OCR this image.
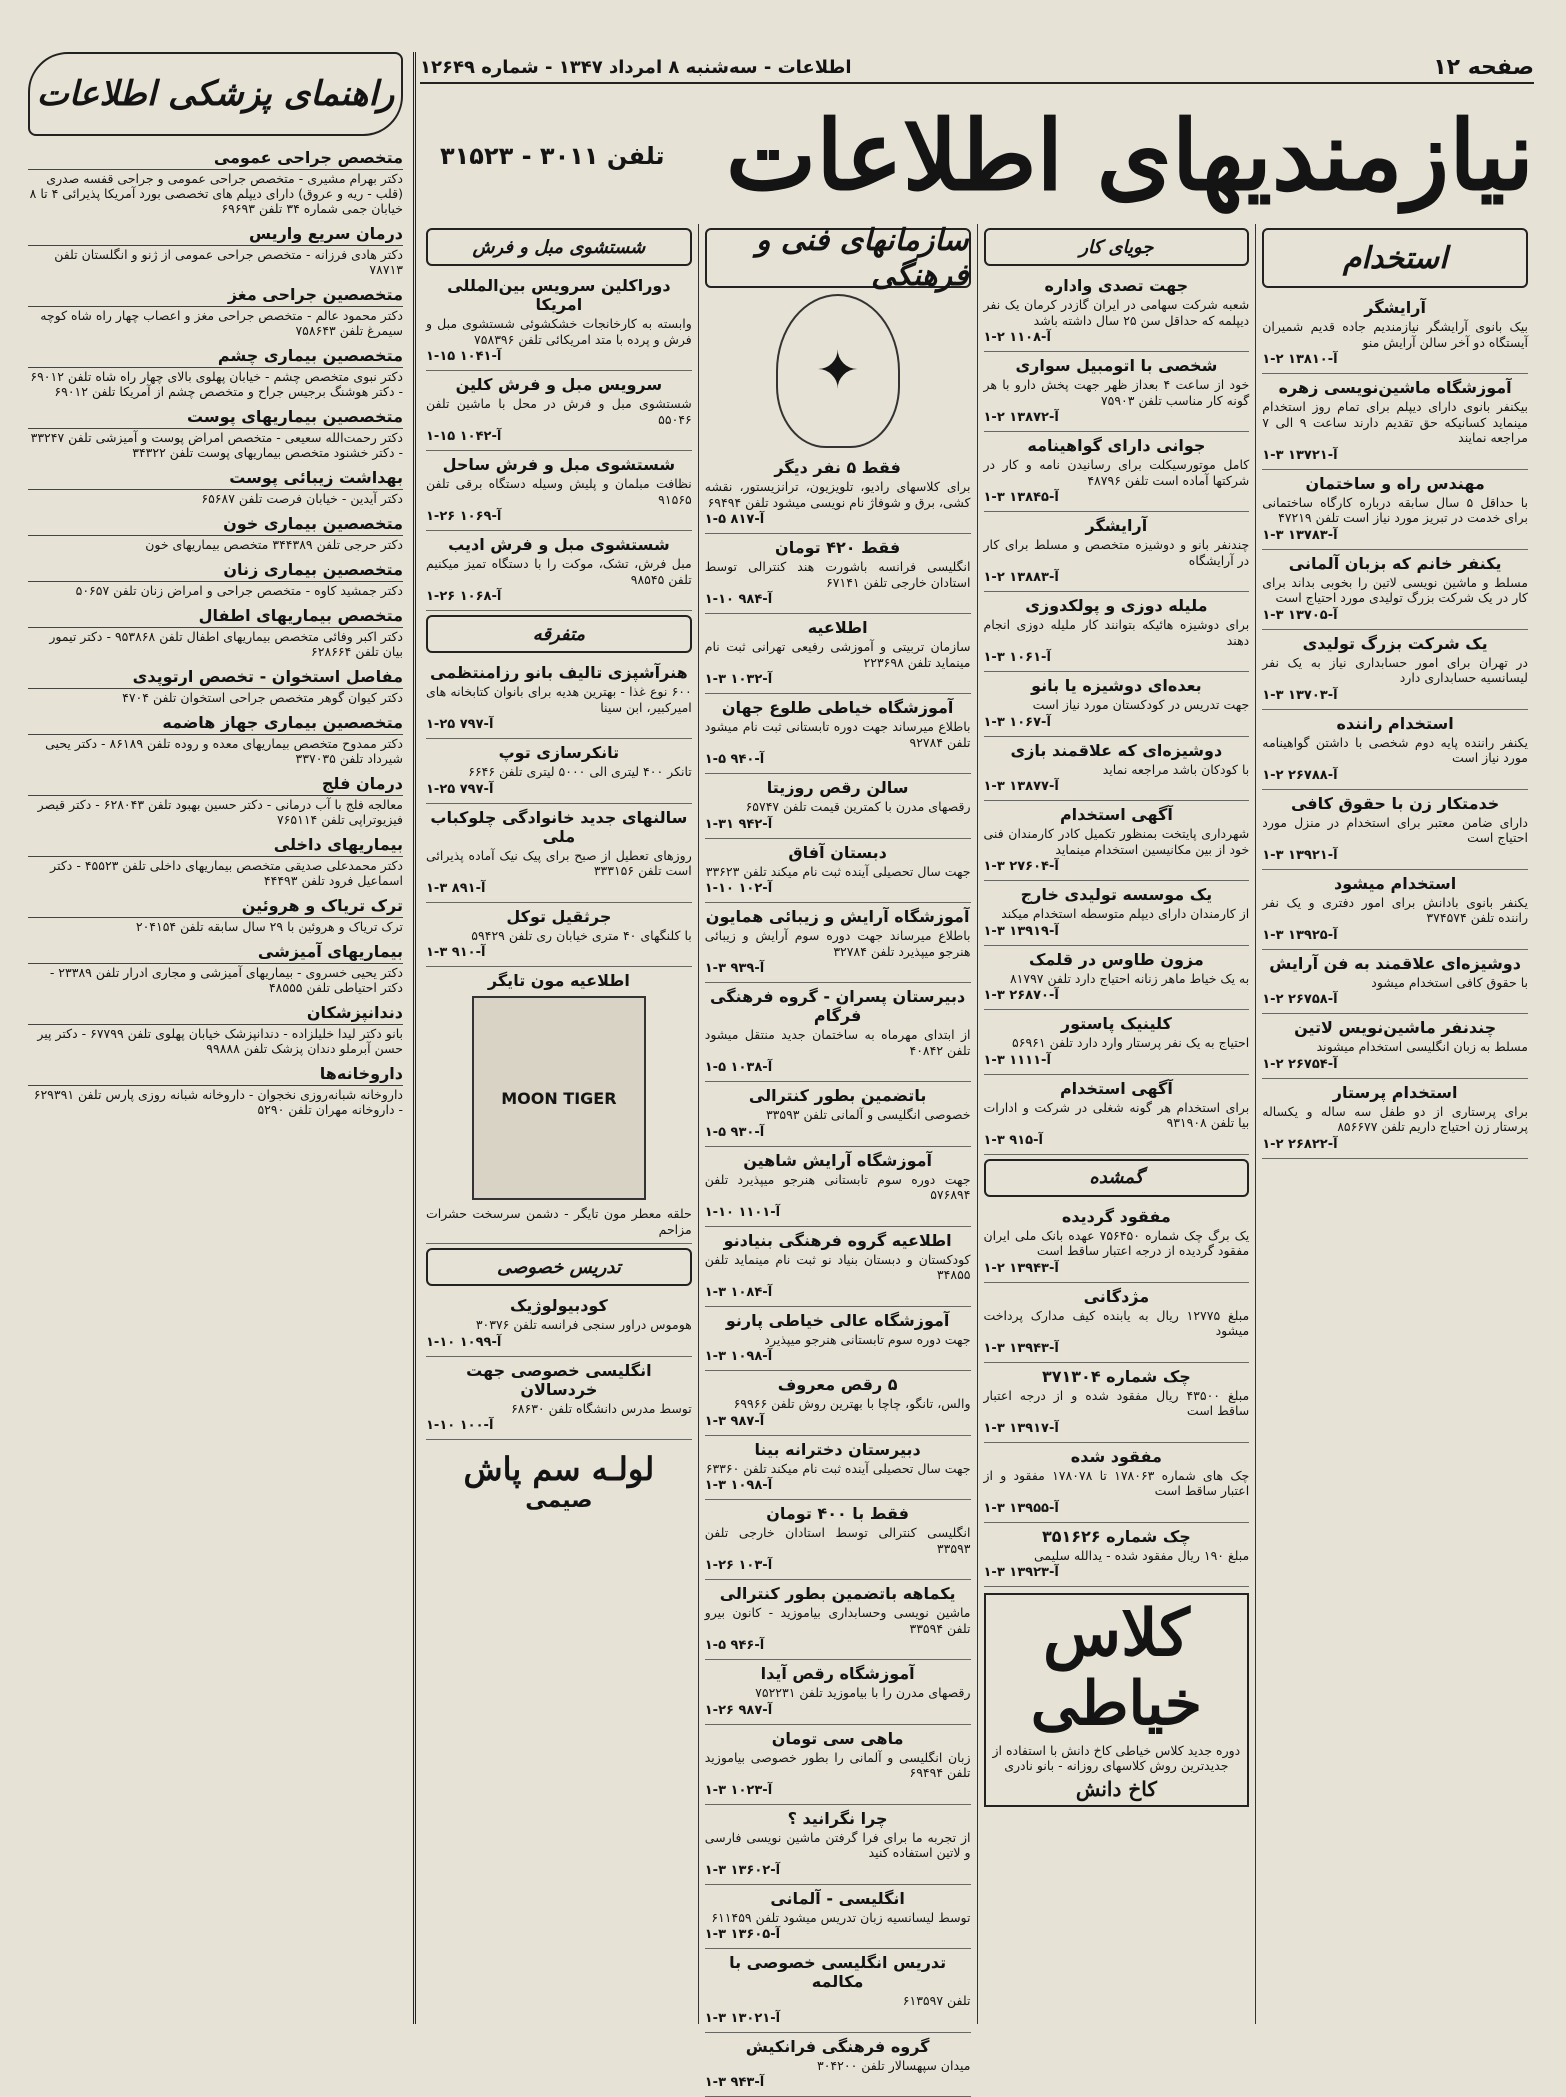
صفحه ۱۲
اطلاعات - سه‌شنبه ۸ امرداد ۱۳۴۷ - شماره ۱۲۶۴۹
نیازمندیهای اطلاعات
تلفن ۳۰۱۱ - ۳۱۵۲۳
راهنمای پزشکی اطلاعات
متخصص جراحی عمومی

دکتر بهرام مشیری - متخصص جراحی عمومی و جراحی قفسه صدری (قلب - ریه و عروق) دارای دیپلم های تخصصی بورد آمریکا پذیرائی ۴ تا ۸ خیابان جمی شماره ۳۴ تلفن ۶۹۶۹۳

درمان سریع واریس

دکتر هادی فرزانه - متخصص جراحی عمومی از ژنو و انگلستان تلفن ۷۸۷۱۳

متخصصین جراحی مغز

دکتر محمود عالم - متخصص جراحی مغز و اعصاب چهار راه شاه کوچه سیمرغ تلفن ۷۵۸۶۴۳

متخصصین بیماری چشم

دکتر نبوی متخصص چشم - خیابان پهلوی بالای چهار راه شاه تلفن ۶۹۰۱۲ - دکتر هوشنگ برجیس جراح و متخصص چشم از آمریکا تلفن ۶۹۰۱۲

متخصصین بیماریهای پوست

دکتر رحمت‌الله سعیعی - متخصص امراض پوست و آمیزشی تلفن ۳۳۲۴۷ - دکتر خشنود متخصص بیماریهای پوست تلفن ۳۴۳۲۲

بهداشت زیبائی پوست

دکتر آیدین - خیابان فرصت تلفن ۶۵۶۸۷

متخصصین بیماری خون

دکتر حرجی تلفن ۳۴۴۳۸۹ متخصص بیماریهای خون

متخصصین بیماری زنان

دکتر جمشید کاوه - متخصص جراحی و امراض زنان تلفن ۵۰۶۵۷

متخصص بیماریهای اطفال

دکتر اکبر وفائی متخصص بیماریهای اطفال تلفن ۹۵۳۸۶۸ - دکتر تیمور بیان تلفن ۶۲۸۶۶۴

مفاصل استخوان - تخصص ارتوپدی

دکتر کیوان گوهر متخصص جراحی استخوان تلفن ۴۷۰۴

متخصصین بیماری جهاز هاضمه

دکتر ممدوح متخصص بیماریهای معده و روده تلفن ۸۶۱۸۹ - دکتر یحیی شیرداد تلفن ۳۳۷۰۳۵

درمان فلج

معالجه فلج با آب درمانی - دکتر حسین بهبود تلفن ۶۲۸۰۴۳ - دکتر قیصر فیزیوتراپی تلفن ۷۶۵۱۱۴

بیماریهای داخلی

دکتر محمدعلی صدیقی متخصص بیماریهای داخلی تلفن ۴۵۵۲۳ - دکتر اسماعیل فرود تلفن ۴۴۴۹۳

ترک تریاک و هروئین

ترک تریاک و هروئین با ۲۹ سال سابقه تلفن ۲۰۴۱۵۴

بیماریهای آمیزشی

دکتر یحیی خسروی - بیماریهای آمیزشی و مجاری ادرار تلفن ۲۳۳۸۹ - دکتر احتیاطی تلفن ۴۸۵۵۵

دندانپزشکان

بانو دکتر لیدا خلیلزاده - دندانپزشک خیابان پهلوی تلفن ۶۷۷۹۹ - دکتر پیر حسن آبرملو دندان پزشک تلفن ۹۹۸۸۸

داروخانه‌ها

داروخانه شبانه‌روزی نخجوان - داروخانه شبانه روزی پارس تلفن ۶۲۹۳۹۱ - داروخانه مهران تلفن ۵۲۹۰

استخدام
آرایشگر

بیک بانوی آرایشگر نیازمندیم جاده قدیم شمیران آیستگاه دو آخر سالن آرایش منو

۱-۲ آ-۱۳۸۱۰
آموزشگاه ماشین‌نویسی زهره

بیکنفر بانوی دارای دیپلم برای تمام روز استخدام مینماید کسانیکه حق تقدیم دارند ساعت ۹ الی ۷ مراجعه نمایند

۱-۳ آ-۱۳۷۲۱
مهندس راه و ساختمان

با حداقل ۵ سال سابقه درباره کارگاه ساختمانی برای خدمت در تبریز مورد نیاز است تلفن ۴۷۲۱۹

۱-۳ آ-۱۳۷۸۳
یکنفر خانم که بزبان آلمانی

مسلط و ماشین نویسی لاتین را بخوبی بداند برای کار در یک شرکت بزرگ تولیدی مورد احتیاج است

۱-۳ آ-۱۳۷۰۵
یک شرکت بزرگ تولیدی

در تهران برای امور حسابداری نیاز به یک نفر لیسانسیه حسابداری دارد

۱-۳ آ-۱۳۷۰۳
استخدام راننده

یکنفر راننده پایه دوم شخصی با داشتن گواهینامه مورد نیاز است

۱-۲ آ-۲۶۷۸۸
خدمتکار زن با حقوق کافی

دارای ضامن معتبر برای استخدام در منزل مورد احتیاج است

۱-۳ آ-۱۳۹۲۱
استخدام میشود

یکنفر بانوی بادانش برای امور دفتری و یک نفر راننده تلفن ۳۷۴۵۷۴

۱-۳ آ-۱۳۹۲۵
دوشیزه‌ای علاقمند به فن آرایش

با حقوق کافی استخدام میشود

۱-۲ آ-۲۶۷۵۸
چندنفر ماشین‌نویس لاتین

مسلط به زبان انگلیسی استخدام میشوند

۱-۲ آ-۲۶۷۵۴
استخدام پرستار

برای پرستاری از دو طفل سه ساله و یکساله پرستار زن احتیاج داریم تلفن ۸۵۶۶۷۷

۱-۲ آ-۲۶۸۲۲
جویای کار
جهت تصدی واداره

شعبه شرکت سهامی در ایران گازدر کرمان یک نفر دیپلمه که حداقل سن ۲۵ سال داشته باشد

۱-۲ آ-۱۱۰۸
شخصی با اتومبیل سواری

خود از ساعت ۴ بعداز ظهر جهت پخش دارو با هر گونه کار مناسب تلفن ۷۵۹۰۳

۱-۲ آ-۱۳۸۷۲
جوانی دارای گواهینامه

کامل موتورسیکلت برای رسانیدن نامه و کار در شرکتها آماده است تلفن ۴۸۷۹۶

۱-۳ آ-۱۳۸۴۵
آرایشگر

چندنفر بانو و دوشیزه متخصص و مسلط برای کار در آرایشگاه

۱-۲ آ-۱۳۸۸۳
ملیله دوزی و پولکدوزی

برای دوشیزه هائیکه بتوانند کار ملیله دوزی انجام دهند

۱-۳ آ-۱۰۶۱
بعده‌ای دوشیزه یا بانو

جهت تدریس در کودکستان مورد نیاز است

۱-۳ آ-۱۰۶۷
دوشیزه‌ای که علاقمند بازی

با کودکان باشد مراجعه نماید

۱-۳ آ-۱۳۸۷۷
آگهی استخدام

شهرداری پایتخت بمنظور تکمیل کادر کارمندان فنی خود از بین مکانیسین استخدام مینماید

۱-۳ آ-۲۷۶۰۴
یک موسسه تولیدی خارج

از کارمندان دارای دیپلم متوسطه استخدام میکند

۱-۳ آ-۱۳۹۱۹
مزون طاوس در قلمک

به یک خیاط ماهر زنانه احتیاج دارد تلفن ۸۱۷۹۷

۱-۳ آ-۲۶۸۷۰
کلینیک پاستور

احتیاج به یک نفر پرستار وارد دارد تلفن ۵۶۹۶۱

۱-۳ آ-۱۱۱۱
آگهی استخدام

برای استخدام هر گونه شغلی در شرکت و ادارات بیا تلفن ۹۳۱۹۰۸

۱-۳ آ-۹۱۵
گمشده
مفقود گردیده

یک برگ چک شماره ۷۵۶۴۵۰ عهده بانک ملی ایران مفقود گردیده از درجه اعتبار ساقط است

۱-۲ آ-۱۳۹۴۳
مژدگانی

مبلغ ۱۲۷۷۵ ریال به یابنده کیف مدارک پرداخت میشود

۱-۳ آ-۱۳۹۴۳
چک شماره ۳۷۱۳۰۴

مبلغ ۴۳۵۰۰ ریال مفقود شده و از درجه اعتبار ساقط است

۱-۳ آ-۱۳۹۱۷
مفقود شده

چک های شماره ۱۷۸۰۶۳ تا ۱۷۸۰۷۸ مفقود و از اعتبار ساقط است

۱-۳ آ-۱۳۹۵۵
چک شماره ۳۵۱۶۲۶

مبلغ ۱۹۰ ریال مفقود شده - یدالله سلیمی

۱-۳ آ-۱۳۹۲۳
کلاس
خیاطی

دوره جدید کلاس خیاطی کاخ دانش با استفاده از جدیدترین روش کلاسهای روزانه - بانو نادری

کاخ دانش
سازمانهای فنی و فرهنگی
✦
فقط ۵ نفر دیگر

برای کلاسهای رادیو، تلویزیون، ترانزیستور، نقشه کشی، برق و شوفاژ نام نویسی میشود تلفن ۶۹۴۹۴

۱-۵ آ-۸۱۷
فقط ۴۲۰ تومان

انگلیسی فرانسه باشورت هند کنترالی توسط استادان خارجی تلفن ۶۷۱۴۱

۱-۱۰ آ-۹۸۴
اطلاعیه

سازمان تربیتی و آموزشی رفیعی تهرانی ثبت نام مینماید تلفن ۲۲۳۶۹۸

۱-۳ آ-۱۰۳۲
آموزشگاه خیاطی طلوع جهان

باطلاع میرساند جهت دوره تابستانی ثبت نام میشود تلفن ۹۲۷۸۴

۱-۵ آ-۹۴۰
سالن رقص روزیتا

رقصهای مدرن با کمترین قیمت تلفن ۶۵۷۴۷

۱-۳۱ آ-۹۴۲
دبستان آفاق

جهت سال تحصیلی آینده ثبت نام میکند تلفن ۳۳۶۲۳

۱-۱۰ آ-۱۰۲
آموزشگاه آرایش و زیبائی همایون

باطلاع میرساند جهت دوره سوم آرایش و زیبائی هنرجو میپذیرد تلفن ۳۲۷۸۴

۱-۳ آ-۹۳۹
دبیرستان پسران - گروه فرهنگی فرگام

از ابتدای مهرماه به ساختمان جدید منتقل میشود تلفن ۴۰۸۴۲

۱-۵ آ-۱۰۳۸
باتضمین بطور کنترالی

خصوصی انگلیسی و آلمانی تلفن ۳۳۵۹۳

۱-۵ آ-۹۳۰
آموزشگاه آرایش شاهین

جهت دوره سوم تابستانی هنرجو میپذیرد تلفن ۵۷۶۸۹۴

۱-۱۰ آ-۱۱۰۱
اطلاعیه گروه فرهنگی بنیادنو

کودکستان و دبستان بنیاد نو ثبت نام مینماید تلفن ۳۴۸۵۵

۱-۳ آ-۱۰۸۴
آموزشگاه عالی خیاطی پارنو

جهت دوره سوم تابستانی هنرجو میپذیرد

۱-۳ آ-۱۰۹۸
۵ رقص معروف

والس، تانگو، چاچا با بهترین روش تلفن ۶۹۹۶۶

۱-۳ آ-۹۸۷
دبیرستان دخترانه بینا

جهت سال تحصیلی آینده ثبت نام میکند تلفن ۶۳۳۶۰

۱-۳ آ-۱۰۹۸
فقط با ۴۰۰ تومان

انگلیسی کنترالی توسط استادان خارجی تلفن ۳۳۵۹۳

۱-۲۶ آ-۱۰۳
یکماهه باتضمین بطور کنترالی

ماشین نویسی وحسابداری بیاموزید - کانون بیرو تلفن ۳۳۵۹۴

۱-۵ آ-۹۴۶
آموزشگاه رقص آیدا

رقصهای مدرن را با بیاموزید تلفن ۷۵۲۲۳۱

۱-۲۶ آ-۹۸۷
ماهی سی تومان

زبان انگلیسی و آلمانی را بطور خصوصی بیاموزید تلفن ۶۹۴۹۴

۱-۳ آ-۱۰۲۳
چرا نگرانید ؟

از تجربه ما برای فرا گرفتن ماشین نویسی فارسی و لاتین استفاده کنید

۱-۳ آ-۱۳۶۰۲
انگلیسی - آلمانی

توسط لیسانسیه زبان تدریس میشود تلفن ۶۱۱۴۵۹

۱-۳ آ-۱۳۶۰۵
تدریس انگلیسی خصوصی با مکالمه

تلفن ۶۱۳۵۹۷

۱-۳ آ-۱۳۰۲۱
گروه فرهنگی فرانکیش

میدان سپهسالار تلفن ۳۰۴۲۰۰

۱-۳ آ-۹۴۳
شستشوی مبل و فرش
دوراکلین سرویس بین‌المللی امریکا

وابسته به کارخانجات خشکشوئی شستشوی مبل و فرش و پرده با متد امریکائی تلفن ۷۵۸۳۹۶

۱-۱۵ آ-۱۰۴۱
سرویس مبل و فرش کلین

شستشوی مبل و فرش در محل با ماشین تلفن ۵۵۰۴۶

۱-۱۵ آ-۱۰۴۲
شستشوی مبل و فرش ساحل

نظافت مبلمان و پلیش وسیله دستگاه برقی تلفن ۹۱۵۶۵

۱-۲۶ آ-۱۰۶۹
شستشوی مبل و فرش ادیب

مبل فرش، تشک، موکت را با دستگاه تمیز میکنیم تلفن ۹۸۵۴۵

۱-۲۶ آ-۱۰۶۸
متفرقه
هنرآشپزی تالیف بانو رزامنتظمی

۶۰۰ نوع غذا - بهترین هدیه برای بانوان کتابخانه های امیرکبیر، ابن سینا

۱-۲۵ آ-۷۹۷
تانکرسازی توپ

تانکر ۴۰۰ لیتری الی ۵۰۰۰ لیتری تلفن ۶۶۴۶

۱-۲۵ آ-۷۹۷
سالنهای جدید خانوادگی چلوکباب ملی

روزهای تعطیل از صبح برای پیک نیک آماده پذیرائی است تلفن ۳۳۳۱۵۶

۱-۳ آ-۸۹۱
جرثقیل توکل

با کلنگهای ۴۰ متری خیابان ری تلفن ۵۹۴۲۹

۱-۳ آ-۹۱۰
اطلاعیه مون تایگر
MOON TIGER

حلقه معطر مون تایگر - دشمن سرسخت حشرات مزاحم

تدریس خصوصی
کودبیولوژیک

هوموس دراور سنجی فرانسه تلفن ۳۰۳۷۶

۱-۱۰ آ-۱۰۹۹
انگلیسی خصوصی جهت خردسالان

توسط مدرس دانشگاه تلفن ۶۸۶۳۰

۱-۱۰ آ-۱۰۰
لولـه سم پاش
صیمی
